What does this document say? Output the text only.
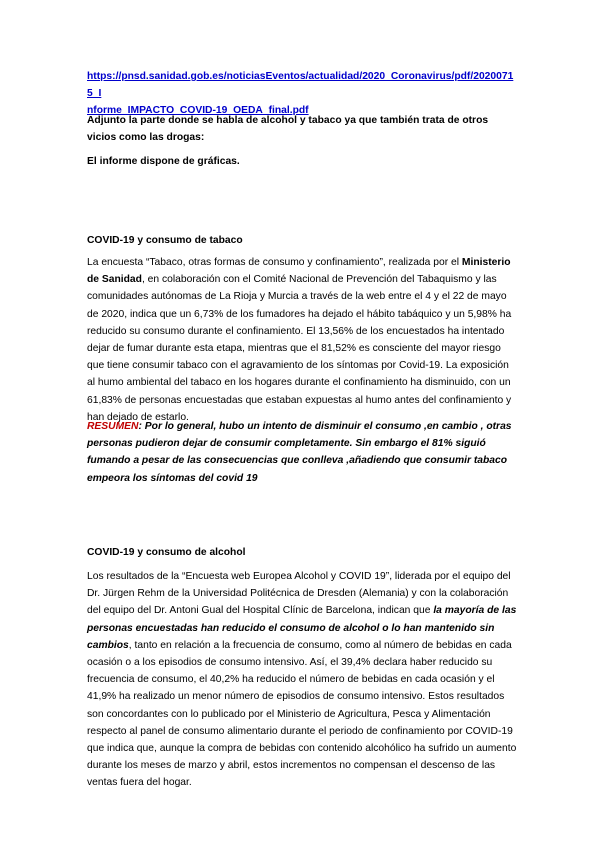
https://pnsd.sanidad.gob.es/noticiasEventos/actualidad/2020_Coronavirus/pdf/20200715_I
nforme_IMPACTO_COVID-19_OEDA_final.pdf

Adjunto la parte donde se habla de alcohol y tabaco ya que también trata de otros vicios como las drogas:

El informe dispone de gráficas.

COVID-19 y consumo de tabaco

La encuesta “Tabaco, otras formas de consumo y confinamiento”, realizada por el Ministerio de Sanidad, en colaboración con el Comité Nacional de Prevención del Tabaquismo y las comunidades autónomas de La Rioja y Murcia a través de la web entre el 4 y el 22 de mayo de 2020, indica que un 6,73% de los fumadores ha dejado el hábito tabáquico y un 5,98% ha reducido su consumo durante el confinamiento. El 13,56% de los encuestados ha intentado dejar de fumar durante esta etapa, mientras que el 81,52% es consciente del mayor riesgo que tiene consumir tabaco con el agravamiento de los síntomas por Covid-19. La exposición al humo ambiental del tabaco en los hogares durante el confinamiento ha disminuido, con un 61,83% de personas encuestadas que estaban expuestas al humo antes del confinamiento y han dejado de estarlo.

RESUMEN: Por lo general, hubo un intento de disminuir el consumo ,en cambio , otras personas pudieron dejar de consumir completamente. Sin embargo el 81% siguió fumando a pesar de las consecuencias que conlleva ,añadiendo que consumir tabaco empeora los síntomas del covid 19

COVID-19 y consumo de alcohol

Los resultados de la “Encuesta web Europea Alcohol y COVID 19”, liderada por el equipo del Dr. Jürgen Rehm de la Universidad Politécnica de Dresden (Alemania) y con la colaboración del equipo del Dr. Antoni Gual del Hospital Clínic de Barcelona, indican que la mayoría de las personas encuestadas han reducido el consumo de alcohol o lo han mantenido sin cambios, tanto en relación a la frecuencia de consumo, como al número de bebidas en cada ocasión o a los episodios de consumo intensivo. Así, el 39,4% declara haber reducido su frecuencia de consumo, el 40,2% ha reducido el número de bebidas en cada ocasión y el 41,9% ha realizado un menor número de episodios de consumo intensivo. Estos resultados son concordantes con lo publicado por el Ministerio de Agricultura, Pesca y Alimentación respecto al panel de consumo alimentario durante el periodo de confinamiento por COVID-19 que indica que, aunque la compra de bebidas con contenido alcohólico ha sufrido un aumento durante los meses de marzo y abril, estos incrementos no compensan el descenso de las ventas fuera del hogar.
